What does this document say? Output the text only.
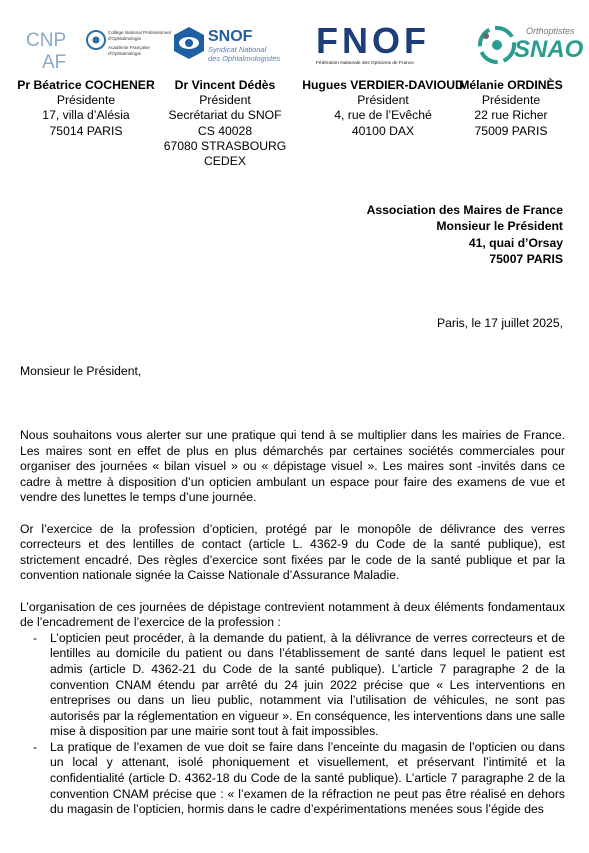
CNP
AF
Collège National Professionnel d'Ophtalmologie
Académie Française d'Ophtalmologie
SNOF
Syndicat National
des Ophtalmologistes FNOF
Fédération Nationale des Opticiens de France
Orthoptistes
SNAO
Pr Béatrice COCHENER
Présidente
17, villa d’Alésia
75014 PARIS
Dr Vincent Dédès
Président
Secrétariat du SNOF
CS 40028
67080 STRASBOURG CEDEX
Hugues VERDIER-DAVIOUD
Président
4, rue de l’Evêché
40100 DAX
Mélanie ORDINÈS
Présidente
22 rue Richer
75009 PARIS
Association des Maires de France
Monsieur le Président
41, quai d’Orsay
75007 PARIS
Paris, le 17 juillet 2025,
Monsieur le Président,

Nous souhaitons vous alerter sur une pratique qui tend à se multiplier dans les mairies de France. Les maires sont en effet de plus en plus démarchés par certaines sociétés commerciales pour organiser des journées « bilan visuel » ou « dépistage visuel ». Les maires sont -invités dans ce cadre à mettre à disposition d’un opticien ambulant un espace pour faire des examens de vue et vendre des lunettes le temps d’une journée.

Or l’exercice de la profession d’opticien, protégé par le monopôle de délivrance des verres correcteurs et des lentilles de contact (article L. 4362-9 du Code de la santé publique), est strictement encadré. Des règles d’exercice sont fixées par le code de la santé publique et par la convention nationale signée la Caisse Nationale d’Assurance Maladie.

L’organisation de ces journées de dépistage contrevient notamment à deux éléments fondamentaux de l’encadrement de l’exercice de la profession :

- L’opticien peut procéder, à la demande du patient, à la délivrance de verres correcteurs et de lentilles au domicile du patient ou dans l’établissement de santé dans lequel le patient est admis (article D. 4362-21 du Code de la santé publique). L’article 7 paragraphe 2 de la convention CNAM étendu par arrêté du 24 juin 2022 précise que « Les interventions en entreprises ou dans un lieu public, notamment via l’utilisation de véhicules, ne sont pas autorisés par la réglementation en vigueur ». En conséquence, les interventions dans une salle mise à disposition par une mairie sont tout à fait impossibles.
- La pratique de l’examen de vue doit se faire dans l’enceinte du magasin de l’opticien ou dans un local y attenant, isolé phoniquement et visuellement, et préservant l’intimité et la confidentialité (article D. 4362-18 du Code de la santé publique). L’article 7 paragraphe 2 de la convention CNAM précise que : « l’examen de la réfraction ne peut pas être réalisé en dehors du magasin de l’opticien, hormis dans le cadre d’expérimentations menées sous l’égide des
